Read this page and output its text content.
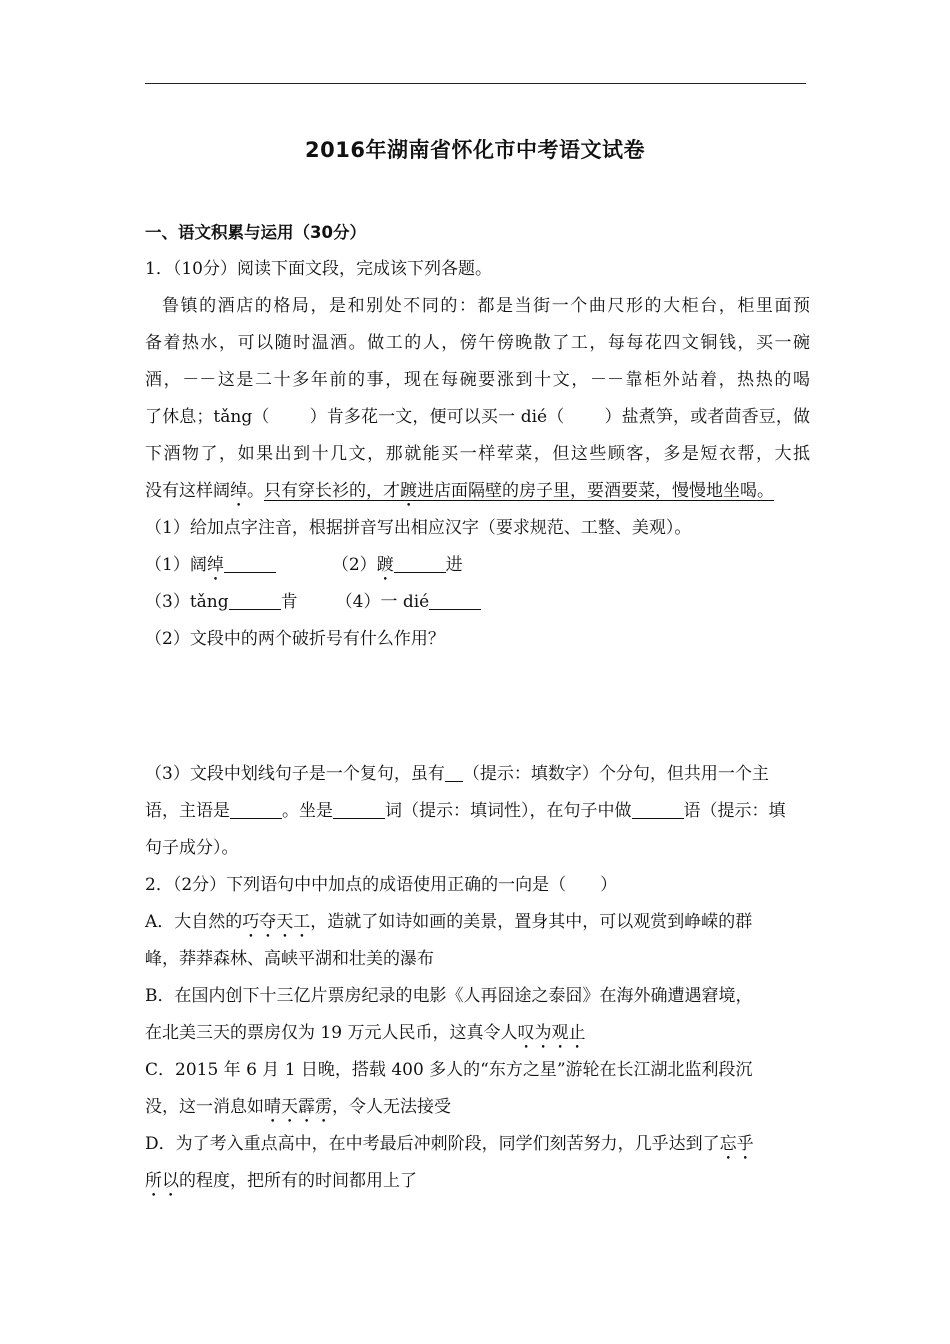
2016年湖南省怀化市中考语文试卷
一、语文积累与运用（30分）
1．（10分）阅读下面文段，完成该下列各题。
鲁镇的酒店的格局，是和别处不同的：都是当街一个曲尺形的大柜台，柜里面预
备着热水，可以随时温酒。做工的人，傍午傍晚散了工，每每花四文铜钱，买一碗
酒，－－这是二十多年前的事，现在每碗要涨到十文，－－靠柜外站着，热热的喝
了休息；tǎng（ ）肯多花一文，便可以买一 dié（ ）盐煮笋，或者茴香豆，做
下酒物了，如果出到十几文，那就能买一样荤菜，但这些顾客，多是短衣帮，大抵
没有这样阔绰。只有穿长衫的，才踱进店面隔壁的房子里，要酒要菜，慢慢地坐喝。
（1）给加点字注音，根据拼音写出相应汉字（要求规范、工整、美观）。
（1）阔绰	（2）踱	进
（3）tǎng	肯 （4）一 dié
（2）文段中的两个破折号有什么作用？
（3）文段中划线句子是一个复句，虽有 （提示：填数字）个分句，但共用一个主
语，主语是	。坐是	词（提示：填词性），在句子中做	语（提示：填
句子成分）。
2．（2分）下列语句中中加点的成语使用正确的一向是（　　）
A．大自然的巧夺天工，造就了如诗如画的美景，置身其中，可以观赏到峥嵘的群
峰，莽莽森林、高峡平湖和壮美的瀑布
B．在国内创下十三亿片票房纪录的电影《人再囧途之泰囧》在海外确遭遇窘境，
在北美三天的票房仅为 19 万元人民币，这真令人叹为观止
C．2015 年 6 月 1 日晚，搭载 400 多人的“东方之星”游轮在长江湖北监利段沉
没，这一消息如晴天霹雳，令人无法接受
D．为了考入重点高中，在中考最后冲刺阶段，同学们刻苦努力，几乎达到了忘乎
所以的程度，把所有的时间都用上了
